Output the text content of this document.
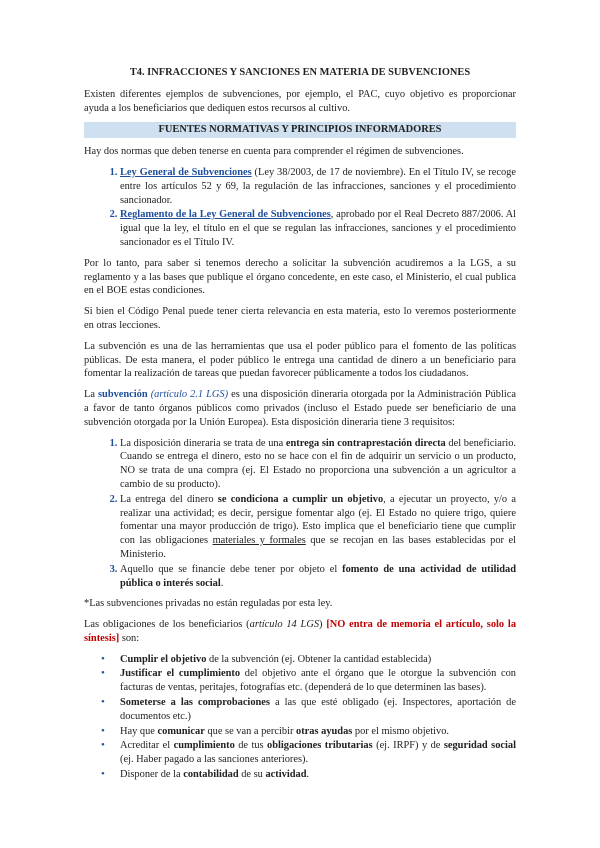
T4. INFRACCIONES Y SANCIONES EN MATERIA DE SUBVENCIONES

Existen diferentes ejemplos de subvenciones, por ejemplo, el PAC, cuyo objetivo es proporcionar ayuda a los beneficiarios que dediquen estos recursos al cultivo.

FUENTES NORMATIVAS Y PRINCIPIOS INFORMADORES

Hay dos normas que deben tenerse en cuenta para comprender el régimen de subvenciones.

1. Ley General de Subvenciones (Ley 38/2003, de 17 de noviembre). En el Título IV, se recoge entre los artículos 52 y 69, la regulación de las infracciones, sanciones y el procedimiento sancionador.
2. Reglamento de la Ley General de Subvenciones, aprobado por el Real Decreto 887/2006. Al igual que la ley, el título en el que se regulan las infracciones, sanciones y el procedimiento sancionador es el Título IV.

Por lo tanto, para saber si tenemos derecho a solicitar la subvención acudiremos a la LGS, a su reglamento y a las bases que publique el órgano concedente, en este caso, el Ministerio, el cual publica en el BOE estas condiciones.

Si bien el Código Penal puede tener cierta relevancia en esta materia, esto lo veremos posteriormente en otras lecciones.

La subvención es una de las herramientas que usa el poder público para el fomento de las políticas públicas. De esta manera, el poder público le entrega una cantidad de dinero a un beneficiario para fomentar la realización de tareas que puedan favorecer públicamente a todos los ciudadanos.

La subvención (artículo 2.1 LGS) es una disposición dineraria otorgada por la Administración Pública a favor de tanto órganos públicos como privados (incluso el Estado puede ser beneficiario de una subvención otorgada por la Unión Europea). Esta disposición dineraria tiene 3 requisitos:

1. La disposición dineraria se trata de una entrega sin contraprestación directa del beneficiario. Cuando se entrega el dinero, esto no se hace con el fin de adquirir un servicio o un producto, NO se trata de una compra (ej. El Estado no proporciona una subvención a un agricultor a cambio de su producto).
2. La entrega del dinero se condiciona a cumplir un objetivo, a ejecutar un proyecto, y/o a realizar una actividad; es decir, persigue fomentar algo (ej. El Estado no quiere trigo, quiere fomentar una mayor producción de trigo). Esto implica que el beneficiario tiene que cumplir con las obligaciones materiales y formales que se recojan en las bases establecidas por el Ministerio.
3. Aquello que se financie debe tener por objeto el fomento de una actividad de utilidad pública o interés social.

*Las subvenciones privadas no están reguladas por esta ley.

Las obligaciones de los beneficiarios (artículo 14 LGS) [NO entra de memoria el artículo, solo la síntesis] son:

• Cumplir el objetivo de la subvención (ej. Obtener la cantidad establecida)
• Justificar el cumplimiento del objetivo ante el órgano que le otorgue la subvención con facturas de ventas, peritajes, fotografías etc. (dependerá de lo que determinen las bases).
• Someterse a las comprobaciones a las que esté obligado (ej. Inspectores, aportación de documentos etc.)
• Hay que comunicar que se van a percibir otras ayudas por el mismo objetivo.
• Acreditar el cumplimiento de tus obligaciones tributarias (ej. IRPF) y de seguridad social (ej. Haber pagado a las sanciones anteriores).
• Disponer de la contabilidad de su actividad.
